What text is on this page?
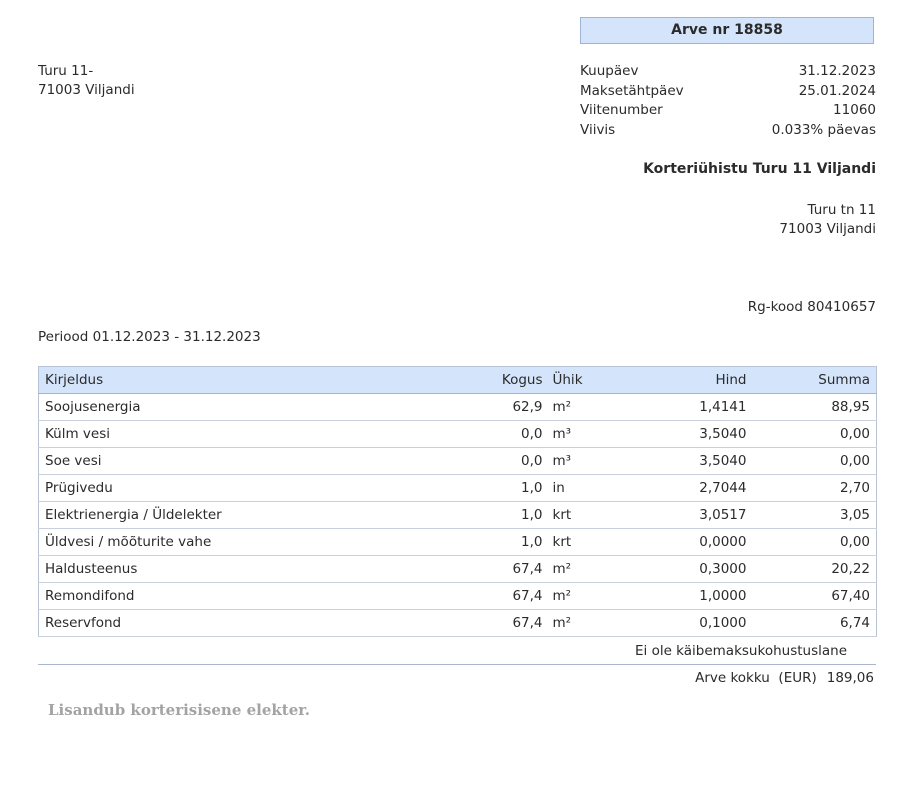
Arve nr 18858
Turu 11-
71003 Viljandi
Kuupäev	31.12.2023
Maksetähtpäev	25.01.2024
Viitenumber	11060
Viivis	0.033% päevas
Korteriühistu Turu 11 Viljandi
Turu tn 11
71003 Viljandi
Rg-kood 80410657
Periood 01.12.2023 - 31.12.2023
Kirjeldus	Kogus	Ühik	Hind	Summa
Soojusenergia	62,9	m²	1,4141	88,95
Külm vesi	0,0	m³	3,5040	0,00
Soe vesi	0,0	m³	3,5040	0,00
Prügivedu	1,0	in	2,7044	2,70
Elektrienergia / Üldelekter	1,0	krt	3,0517	3,05
Üldvesi / mõõturite vahe	1,0	krt	0,0000	0,00
Haldusteenus	67,4	m²	0,3000	20,22
Remondifond	67,4	m²	1,0000	67,40
Reservfond	67,4	m²	0,1000	6,74
Ei ole käibemaksukohustuslane
Arve kokku  (EUR) 189,06
Lisandub korterisisene elekter.
